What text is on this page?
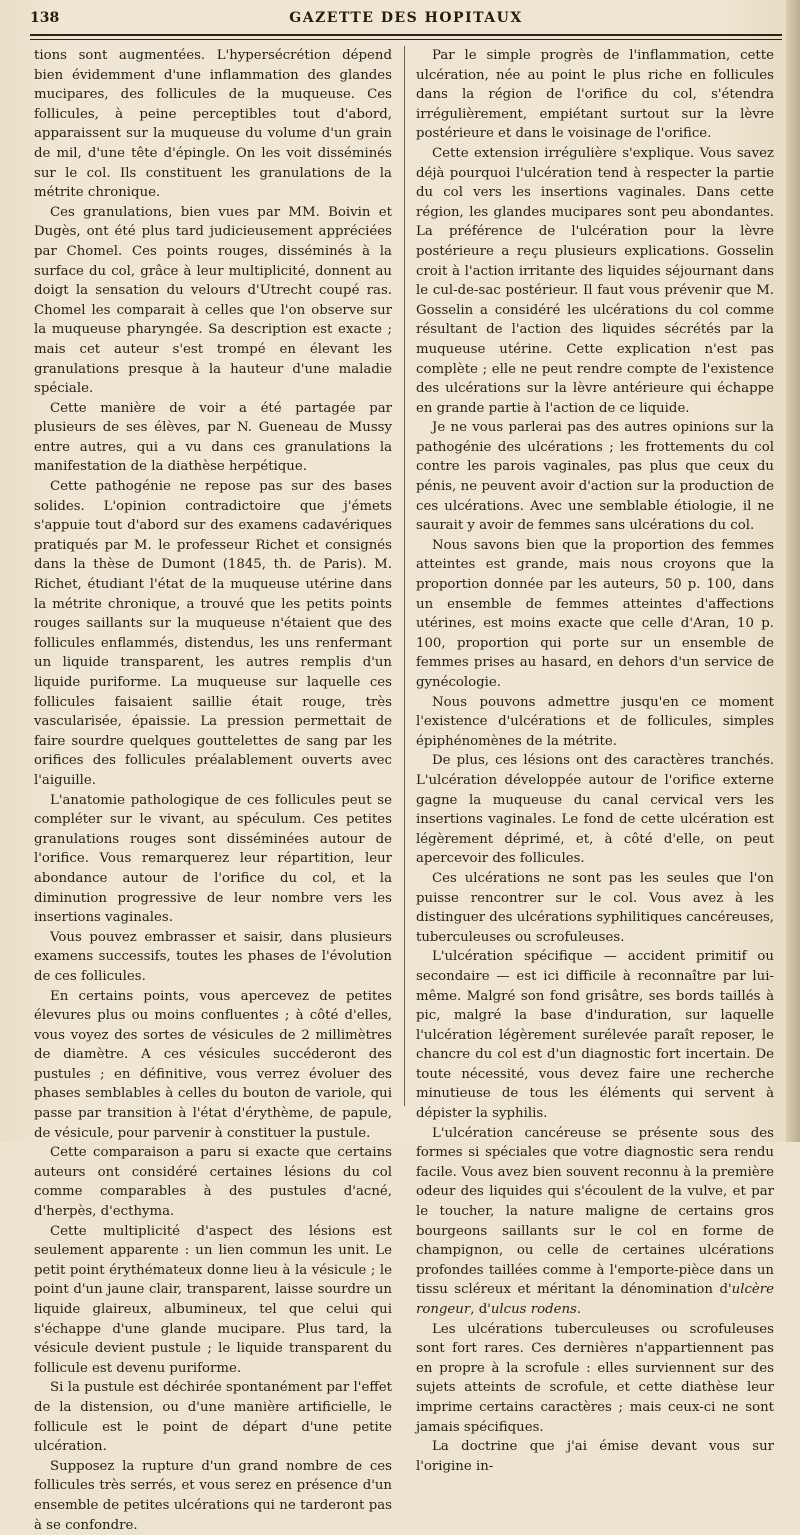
138	GAZETTE DES HOPITAUX

tions sont augmentées. L'hypersécrétion dépend bien évidemment d'une inflammation des glandes mucipares, des follicules de la muqueuse. Ces follicules, à peine perceptibles tout d'abord, apparaissent sur la muqueuse du volume d'un grain de mil, d'une tête d'épingle. On les voit disséminés sur le col. Ils constituent les granulations de la métrite chronique.

Ces granulations, bien vues par MM. Boivin et Dugès, ont été plus tard judicieusement appréciées par Chomel. Ces points rouges, disséminés à la surface du col, grâce à leur multiplicité, donnent au doigt la sensation du velours d'Utrecht coupé ras. Chomel les comparait à celles que l'on observe sur la muqueuse pharyngée. Sa description est exacte ; mais cet auteur s'est trompé en élevant les granulations presque à la hauteur d'une maladie spéciale.

Cette manière de voir a été partagée par plusieurs de ses élèves, par N. Gueneau de Mussy entre autres, qui a vu dans ces granulations la manifestation de la diathèse herpétique.

Cette pathogénie ne repose pas sur des bases solides. L'opinion contradictoire que j'émets s'appuie tout d'abord sur des examens cadavériques pratiqués par M. le professeur Richet et consignés dans la thèse de Dumont (1845, th. de Paris). M. Richet, étudiant l'état de la muqueuse utérine dans la métrite chronique, a trouvé que les petits points rouges saillants sur la muqueuse n'étaient que des follicules enflammés, distendus, les uns renfermant un liquide transparent, les autres remplis d'un liquide puriforme. La muqueuse sur laquelle ces follicules faisaient saillie était rouge, très vascularisée, épaissie. La pression permettait de faire sourdre quelques gouttelettes de sang par les orifices des follicules préalablement ouverts avec l'aiguille.

L'anatomie pathologique de ces follicules peut se compléter sur le vivant, au spéculum. Ces petites granulations rouges sont disséminées autour de l'orifice. Vous remarquerez leur répartition, leur abondance autour de l'orifice du col, et la diminution progressive de leur nombre vers les insertions vaginales.

Vous pouvez embrasser et saisir, dans plusieurs examens successifs, toutes les phases de l'évolution de ces follicules.

En certains points, vous apercevez de petites élevures plus ou moins confluentes ; à côté d'elles, vous voyez des sortes de vésicules de 2 millimètres de diamètre. A ces vésicules succéderont des pustules ; en définitive, vous verrez évoluer des phases semblables à celles du bouton de variole, qui passe par transition à l'état d'érythème, de papule, de vésicule, pour parvenir à constituer la pustule.

Cette comparaison a paru si exacte que certains auteurs ont considéré certaines lésions du col comme comparables à des pustules d'acné, d'herpès, d'ecthyma.

Cette multiplicité d'aspect des lésions est seulement apparente : un lien commun les unit. Le petit point érythémateux donne lieu à la vésicule ; le point d'un jaune clair, transparent, laisse sourdre un liquide glaireux, albumineux, tel que celui qui s'échappe d'une glande mucipare. Plus tard, la vésicule devient pustule ; le liquide transparent du follicule est devenu puriforme.

Si la pustule est déchirée spontanément par l'effet de la distension, ou d'une manière artificielle, le follicule est le point de départ d'une petite ulcération.

Supposez la rupture d'un grand nombre de ces follicules très serrés, et vous serez en présence d'un ensemble de petites ulcérations qui ne tarderont pas à se confondre.

Par le simple progrès de l'inflammation, cette ulcération, née au point le plus riche en follicules dans la région de l'orifice du col, s'étendra irrégulièrement, empiétant surtout sur la lèvre postérieure et dans le voisinage de l'orifice.

Cette extension irrégulière s'explique. Vous savez déjà pourquoi l'ulcération tend à respecter la partie du col vers les insertions vaginales. Dans cette région, les glandes mucipares sont peu abondantes. La préférence de l'ulcération pour la lèvre postérieure a reçu plusieurs explications. Gosselin croit à l'action irritante des liquides séjournant dans le cul-de-sac postérieur. Il faut vous prévenir que M. Gosselin a considéré les ulcérations du col comme résultant de l'action des liquides sécrétés par la muqueuse utérine. Cette explication n'est pas complète ; elle ne peut rendre compte de l'existence des ulcérations sur la lèvre antérieure qui échappe en grande partie à l'action de ce liquide.

Je ne vous parlerai pas des autres opinions sur la pathogénie des ulcérations ; les frottements du col contre les parois vaginales, pas plus que ceux du pénis, ne peuvent avoir d'action sur la production de ces ulcérations. Avec une semblable étiologie, il ne saurait y avoir de femmes sans ulcérations du col.

Nous savons bien que la proportion des femmes atteintes est grande, mais nous croyons que la proportion donnée par les auteurs, 50 p. 100, dans un ensemble de femmes atteintes d'affections utérines, est moins exacte que celle d'Aran, 10 p. 100, proportion qui porte sur un ensemble de femmes prises au hasard, en dehors d'un service de gynécologie.

Nous pouvons admettre jusqu'en ce moment l'existence d'ulcérations et de follicules, simples épiphénomènes de la métrite.

De plus, ces lésions ont des caractères tranchés. L'ulcération développée autour de l'orifice externe gagne la muqueuse du canal cervical vers les insertions vaginales. Le fond de cette ulcération est légèrement déprimé, et, à côté d'elle, on peut apercevoir des follicules.

Ces ulcérations ne sont pas les seules que l'on puisse rencontrer sur le col. Vous avez à les distinguer des ulcérations syphilitiques cancéreuses, tuberculeuses ou scrofuleuses.

L'ulcération spécifique — accident primitif ou secondaire — est ici difficile à reconnaître par lui-même. Malgré son fond grisâtre, ses bords taillés à pic, malgré la base d'induration, sur laquelle l'ulcération légèrement surélevée paraît reposer, le chancre du col est d'un diagnostic fort incertain. De toute nécessité, vous devez faire une recherche minutieuse de tous les éléments qui servent à dépister la syphilis.

L'ulcération cancéreuse se présente sous des formes si spéciales que votre diagnostic sera rendu facile. Vous avez bien souvent reconnu à la première odeur des liquides qui s'écoulent de la vulve, et par le toucher, la nature maligne de certains gros bourgeons saillants sur le col en forme de champignon, ou celle de certaines ulcérations profondes taillées comme à l'emporte-pièce dans un tissu scléreux et méritant la dénomination d'ulcère rongeur, d'ulcus rodens.

Les ulcérations tuberculeuses ou scrofuleuses sont fort rares. Ces dernières n'appartiennent pas en propre à la scrofule : elles surviennent sur des sujets atteints de scrofule, et cette diathèse leur imprime certains caractères ; mais ceux-ci ne sont jamais spécifiques.

La doctrine que j'ai émise devant vous sur l'origine in-
